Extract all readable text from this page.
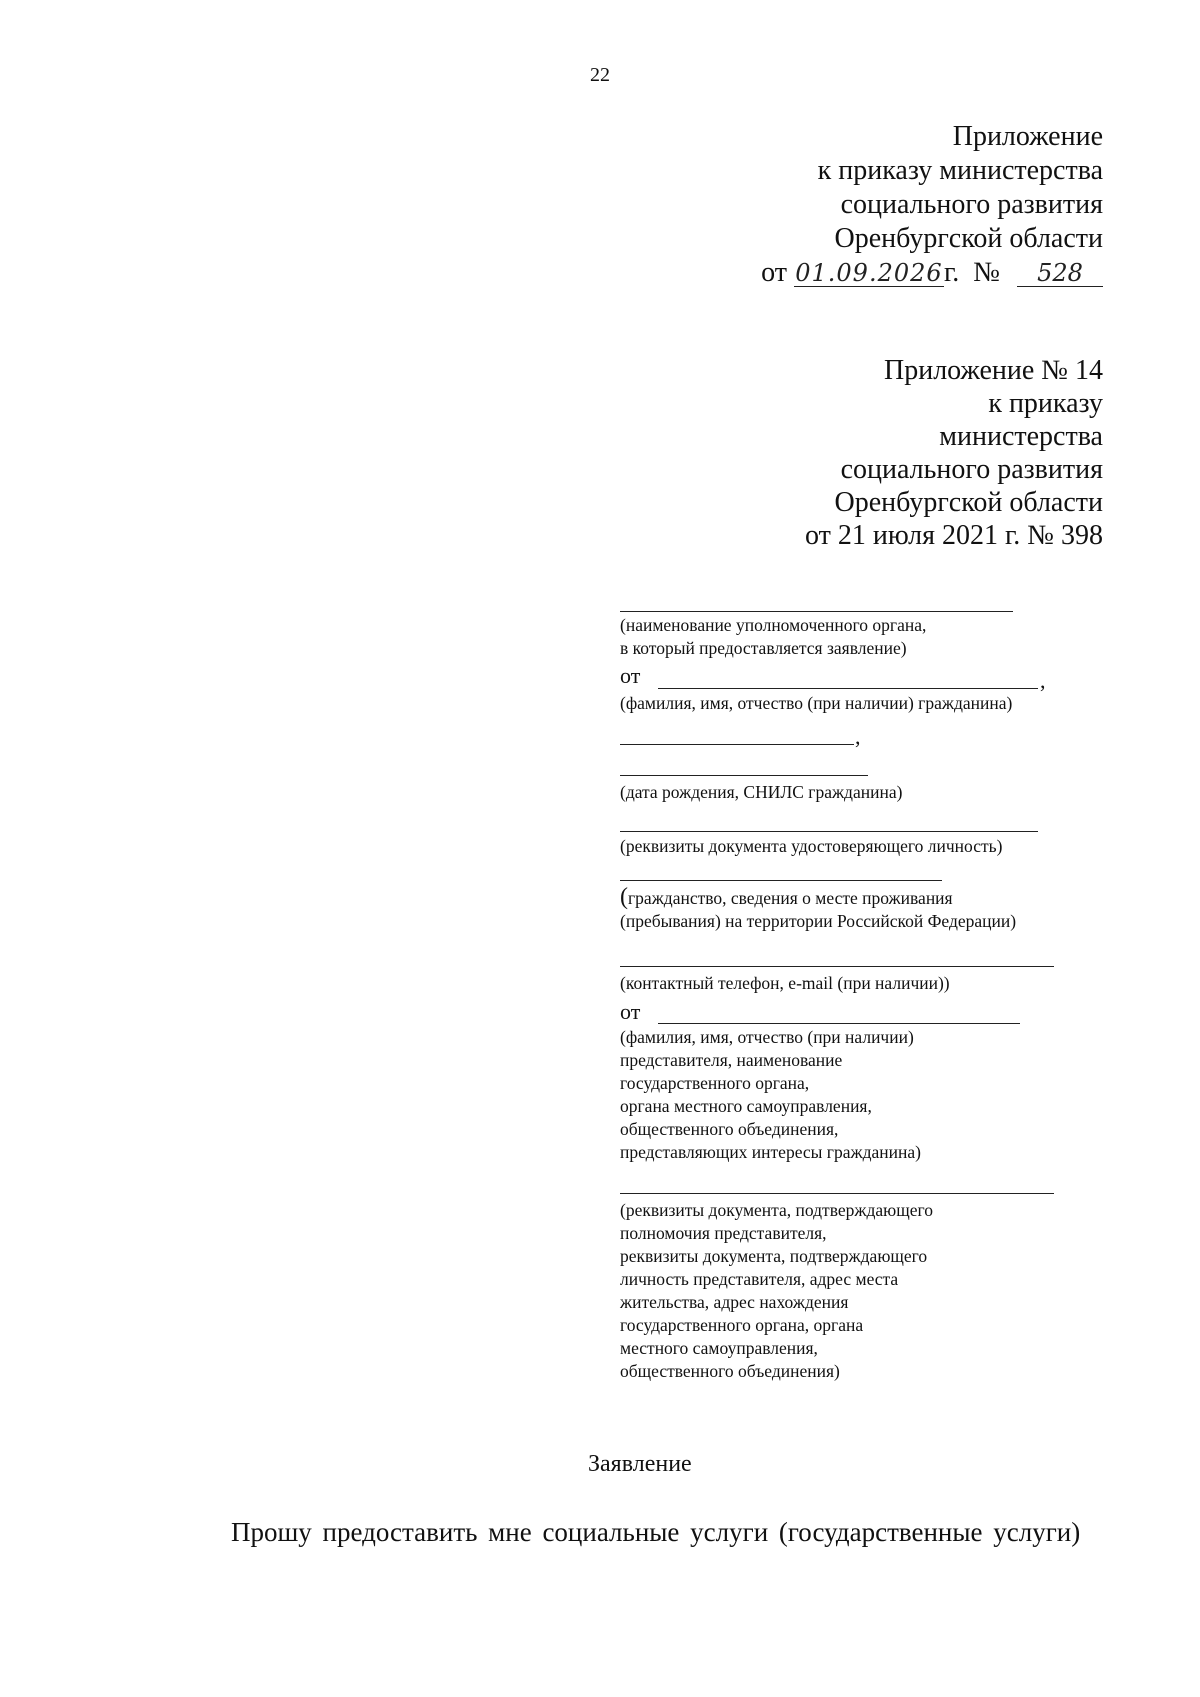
22
Приложение
к приказу министерства
социального развития
Оренбургской области
от 01.09.2026г. № 528
Приложение № 14
к приказу
министерства
социального развития
Оренбургской области
от 21 июля 2021 г. № 398
(наименование уполномоченного органа,
в который предоставляется заявление)
от	,
(фамилия, имя, отчество (при наличии) гражданина)
,
(дата рождения, СНИЛС гражданина)
(реквизиты документа удостоверяющего личность)
(гражданство, сведения о месте проживания
(пребывания) на территории Российской Федерации)
(контактный телефон, e-mail (при наличии))
от
(фамилия, имя, отчество (при наличии)
представителя, наименование
государственного органа,
органа местного самоуправления,
общественного объединения,
представляющих интересы гражданина)
(реквизиты документа, подтверждающего
полномочия представителя,
реквизиты документа, подтверждающего
личность представителя, адрес места
жительства, адрес нахождения
государственного органа, органа
местного самоуправления,
общественного объединения)
Заявление
Прошу предоставить мне социальные услуги (государственные услуги)
